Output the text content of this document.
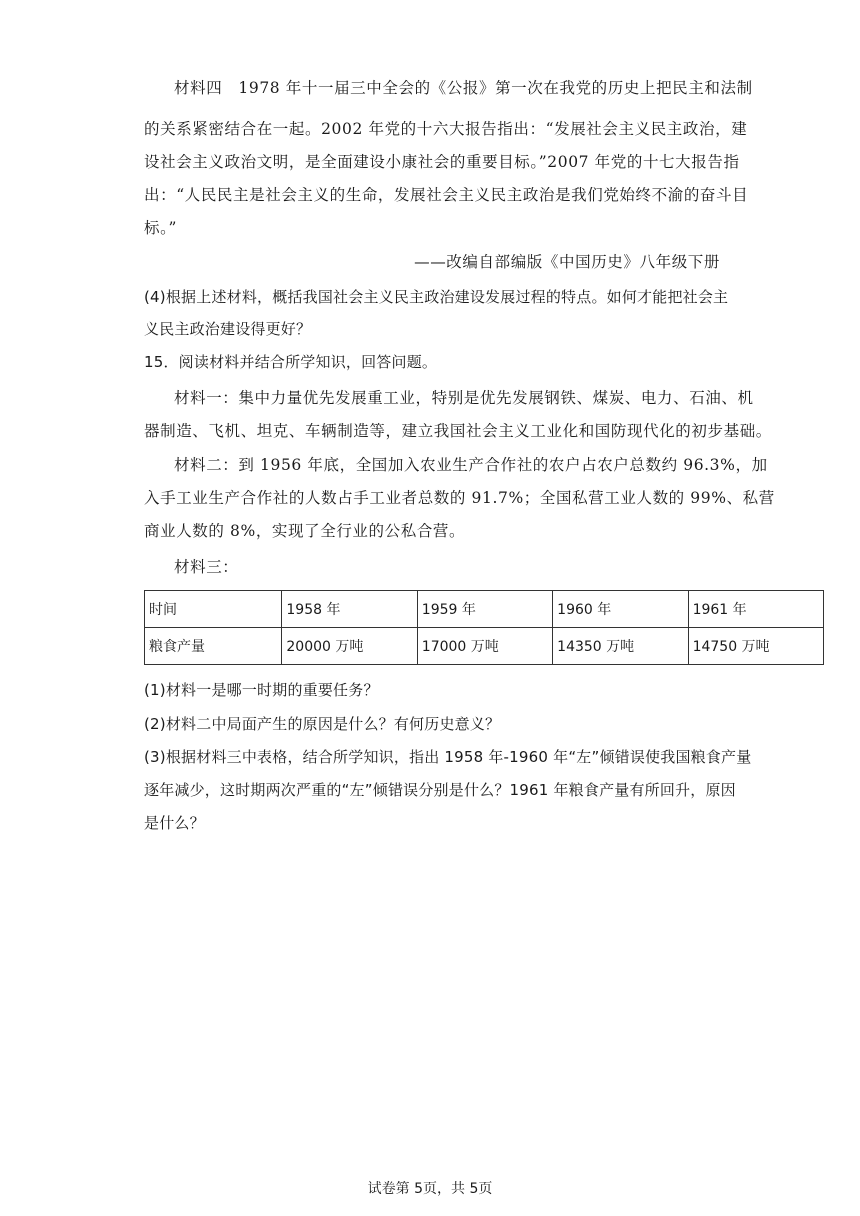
材料四　1978 年十一届三中全会的《公报》第一次在我党的历史上把民主和法制
的关系紧密结合在一起。2002 年党的十六大报告指出：“发展社会主义民主政治，建
设社会主义政治文明，是全面建设小康社会的重要目标。”2007 年党的十七大报告指
出：“人民民主是社会主义的生命，发展社会主义民主政治是我们党始终不渝的奋斗目
标。”
——改编自部编版《中国历史》八年级下册
(4)根据上述材料，概括我国社会主义民主政治建设发展过程的特点。如何才能把社会主
义民主政治建设得更好？
15．阅读材料并结合所学知识，回答问题。
材料一：集中力量优先发展重工业，特别是优先发展钢铁、煤炭、电力、石油、机
器制造、飞机、坦克、车辆制造等，建立我国社会主义工业化和国防现代化的初步基础。
材料二：到 1956 年底，全国加入农业生产合作社的农户占农户总数约 96.3%，加
入手工业生产合作社的人数占手工业者总数的 91.7%；全国私营工业人数的 99%、私营
商业人数的 8%，实现了全行业的公私合营。
材料三：
时间	1958 年	1959 年	1960 年	1961 年
粮食产量	20000 万吨	17000 万吨	14350 万吨	14750 万吨
(1)材料一是哪一时期的重要任务？
(2)材料二中局面产生的原因是什么？有何历史意义？
(3)根据材料三中表格，结合所学知识，指出 1958 年-1960 年“左”倾错误使我国粮食产量
逐年减少，这时期两次严重的“左”倾错误分别是什么？1961 年粮食产量有所回升，原因
是什么？
试卷第 5页，共 5页
